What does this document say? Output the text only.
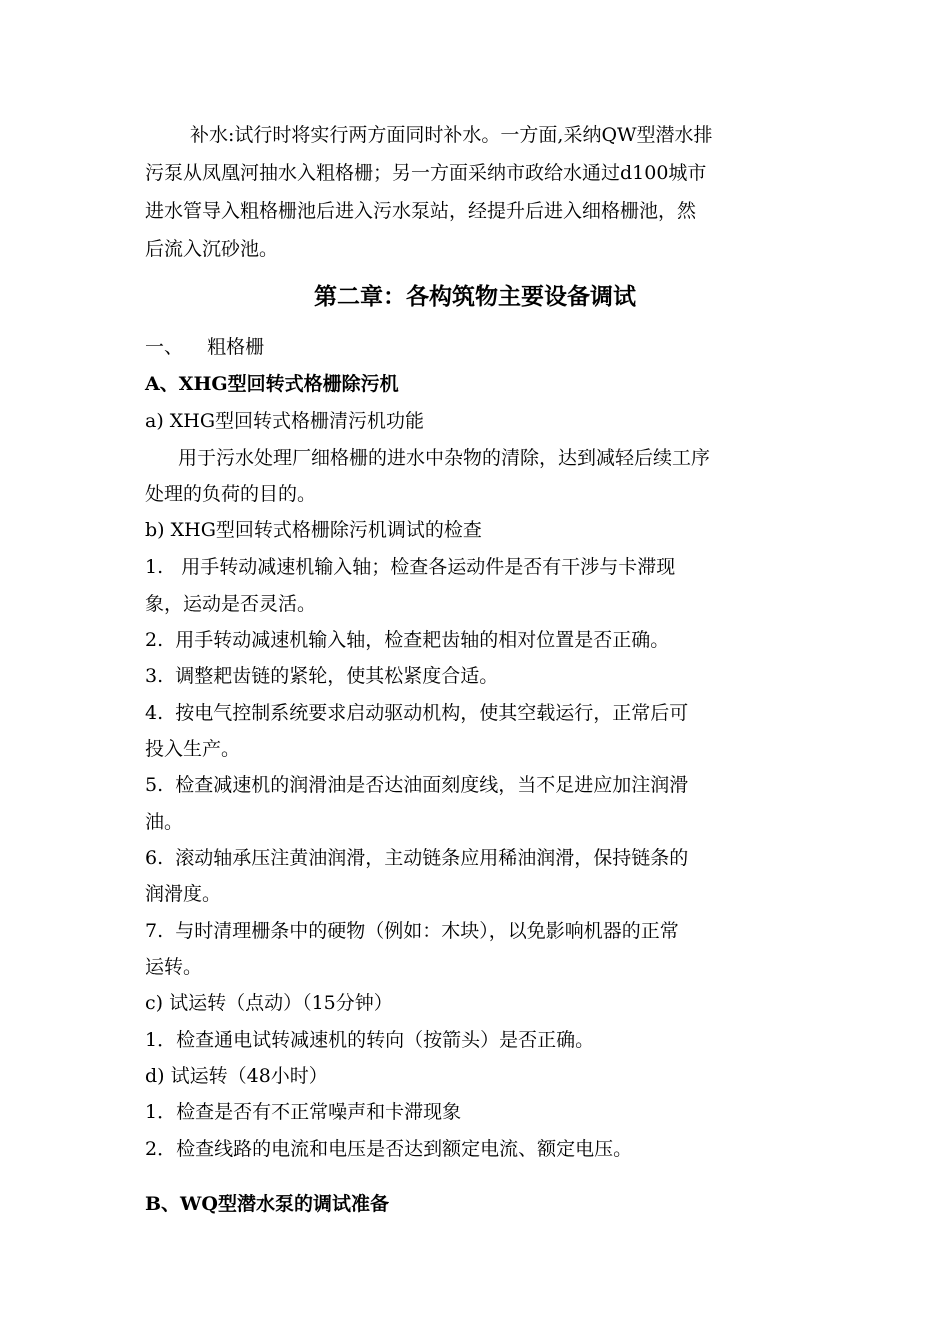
补水:试行时将实行两方面同时补水。一方面,采纳QW型潜水排
污泵从凤凰河抽水入粗格栅；另一方面采纳市政给水通过d100城市
进水管导入粗格栅池后进入污水泵站，经提升后进入细格栅池，然
后流入沉砂池。
第二章：各构筑物主要设备调试
一、    粗格栅
A、XHG型回转式格栅除污机
a) XHG型回转式格栅清污机功能
用于污水处理厂细格栅的进水中杂物的清除，达到减轻后续工序
处理的负荷的目的。
b) XHG型回转式格栅除污机调试的检查
1.   用手转动减速机输入轴；检查各运动件是否有干涉与卡滞现
象，运动是否灵活。
2.  用手转动减速机输入轴，检查耙齿轴的相对位置是否正确。
3.  调整耙齿链的紧轮，使其松紧度合适。
4.  按电气控制系统要求启动驱动机构，使其空载运行，正常后可
投入生产。
5.  检查减速机的润滑油是否达油面刻度线，当不足进应加注润滑
油。
6.  滚动轴承压注黄油润滑，主动链条应用稀油润滑，保持链条的
润滑度。
7.  与时清理栅条中的硬物（例如：木块），以免影响机器的正常
运转。
c) 试运转（点动）（15分钟）
1．检查通电试转减速机的转向（按箭头）是否正确。
d) 试运转（48小时）
1．检查是否有不正常噪声和卡滞现象
2．检查线路的电流和电压是否达到额定电流、额定电压。
B、WQ型潜水泵的调试准备
